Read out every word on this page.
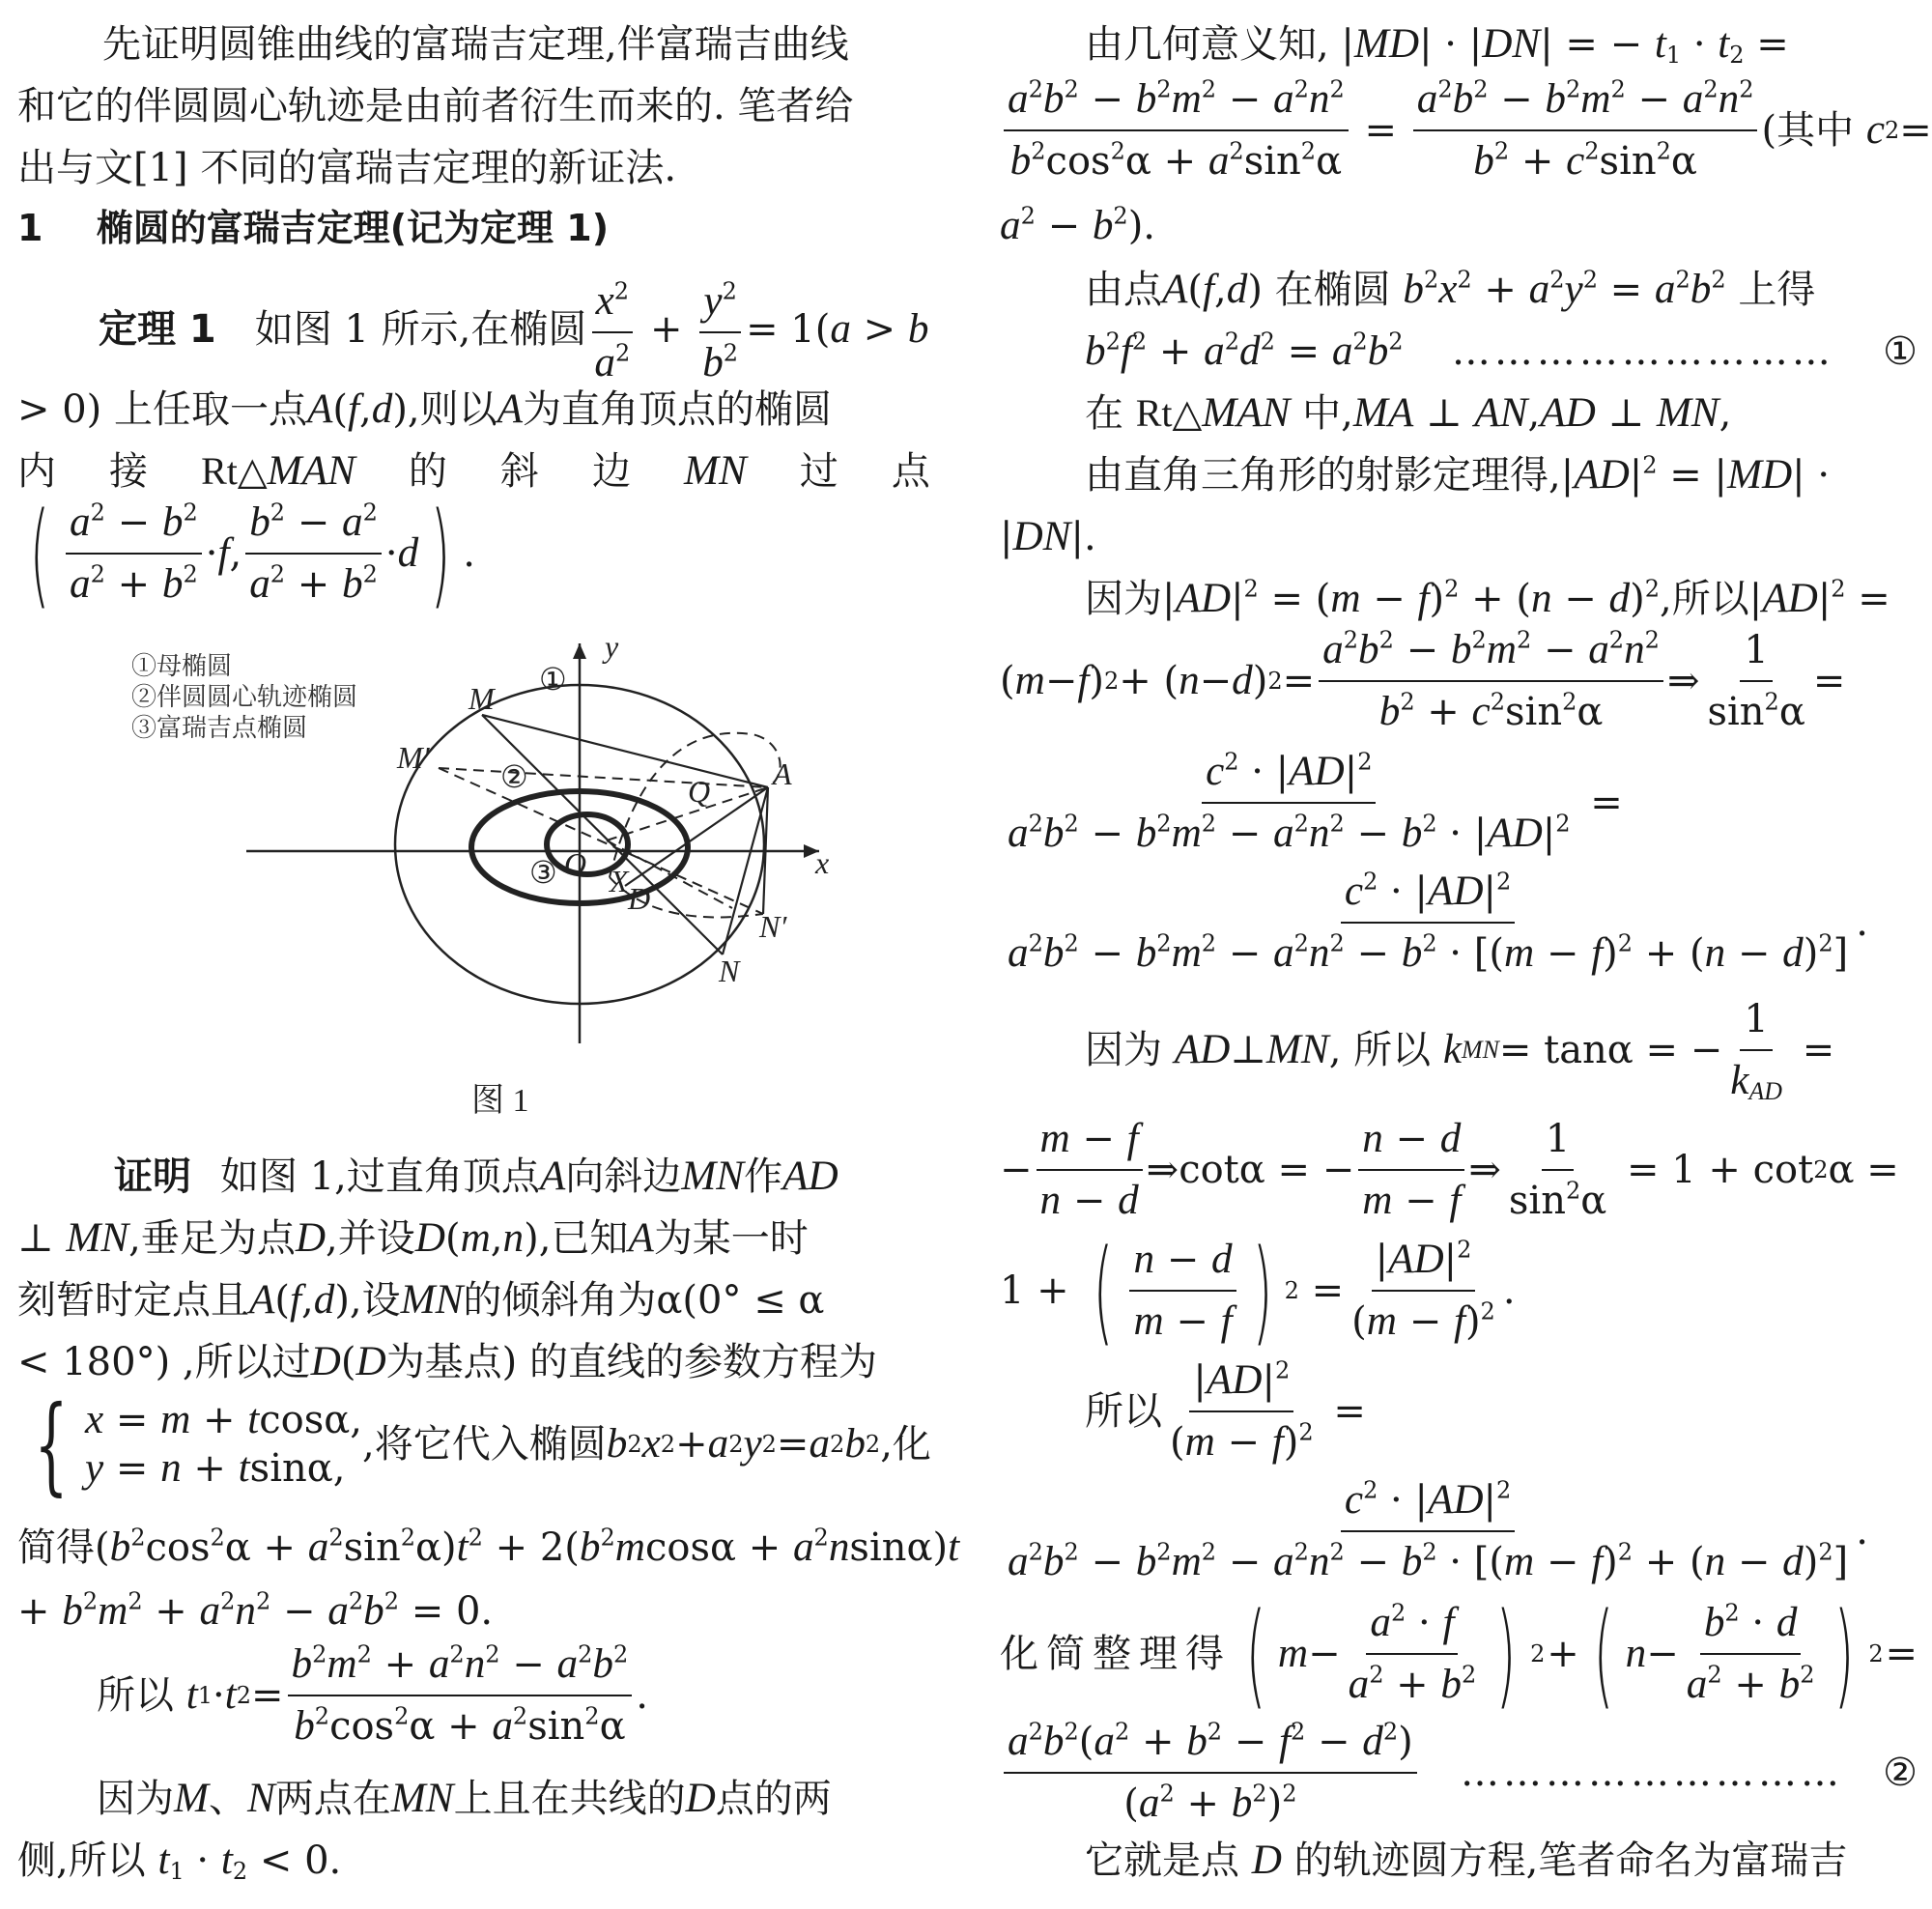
先证明圆锥曲线的富瑞吉定理,伴富瑞吉曲线
和它的伴圆圆心轨迹是由前者衍生而来的. 笔者给
出与文[1] 不同的富瑞吉定理的新证法.
1 椭圆的富瑞吉定理(记为定理 1)
定理 1 如图 1 所示,在椭圆 $\frac{x^2}{a^2} + \frac{y^2}{b^2} = 1(a > b$
> 0) 上任取一点A(f,d),则以A为直角顶点的椭圆
内 接 Rt△MAN 的 斜 边 MN 过 点
( $a^2 - b^2$
$a^2 + b^2 \cdot f$ ,
$b^2 - a^2$
$a^2 + b^2 \cdot d$ ) .
①母椭圆
②伴圆圆心轨迹椭圆
③富瑞吉点椭圆
M
M′	A
Q
O X D
N
N′
x
y
①
②
③
图 1
证明 如图 1,过直角顶点A向斜边MN作AD
⊥ MN,垂足为点D,并设D(m,n),已知A为某一时
刻暂时定点且A(f,d),设MN的倾斜角为α(0° ≤ α
< 180°) ,所以过D(D为基点) 的直线的参数方程为
{ x = m + tcosα,
y = n + tsinα,
,将它代入椭圆 b 2 x 2 + a 2 y 2 = a 2 b 2 ,化
简得$(b^2\cos^2\alpha + a^2\sin^2\alpha)t^2 + 2(b^2mcos\alpha + a^2nsin\alpha)t$
+ $b^2m^2 + a^2n^2 - a^2b^2 = 0$.
所以
t 1 · t 2 =
$b^2m^2 + a^2n^2 - a^2b^2$
$b^2\cos^2\alpha + a^2\sin^2\alpha$
.
因为M、N两点在MN上且在共线的D点的两
侧,所以 $t_1 \cdot t_2 < 0$.
由几何意义知, |MD| · |DN| = − $t_1 \cdot t_2$ =
$a^2b^2 - b^2m^2 - a^2n^2$
$b^2\cos^2\alpha + a^2\sin^2\alpha$
=
$a^2b^2 - b^2m^2 - a^2n^2$
$b^2 + c^2\sin^2\alpha$
( 其中
c 2 =
$a^2 - b^2$).
由点A(f,d) 在椭圆 $b^2x^2 + a^2y^2 = a^2b^2$ 上得
$b^2f^2 + a^2d^2 = a^2b^2$ ……………………… ①
在 Rt△MAN 中,MA ⊥ AN,AD ⊥ MN,
由直角三角形的射影定理得$,|AD|^2 = |MD|$ ·
|DN|.
因为$|AD|^2 = (m - f)^2 + (n - d)^2$,所以$|AD|^2$ =
( m − f ) 2 + ( n − d ) 2 =
$a^2b^2 - b^2m^2 - a^2n^2$
$b^2 + c^2\sin^2\alpha$
⇒
1
$\sin^2\alpha$
=
$c^2 \cdot |AD|^2$
$a^2b^2 - b^2m^2 - a^2n^2 - b^2 \cdot |AD|^2$ =
$c^2 \cdot |AD|^2$
$a^2b^2 - b^2m^2 - a^2n^2 - b^2 \cdot [(m - f)^2 + (n - d)^2]$
.
因为
AD ⊥ MN , 所以
k MN = tanα = −
1
$k_{AD}$
=
−
m − f
n − d
⇒cotα = −
n − d
m − f
⇒
1
$\sin^2\alpha$
= 1 + cot 2 α =
1 + ( n − d
m − f ) 2 =
$|AD|^2$
$(m - f)^2$ .
所以
$|AD|^2$
$(m - f)^2$ =
$c^2 \cdot |AD|^2$
$a^2b^2 - b^2m^2 - a^2n^2 - b^2 \cdot [(m - f)^2 + (n - d)^2]$
.
化简整理得 ( m −
$a^2 \cdot f$
$a^2 + b^2$ ) 2 + ( n −
$b^2 \cdot d$
$a^2 + b^2$ ) 2 =
$a^2b^2(a^2 + b^2 - f^2 - d^2)$
$(a^2 + b^2)^2$	……………………… ②
它就是点 D 的轨迹圆方程,笔者命名为富瑞吉
